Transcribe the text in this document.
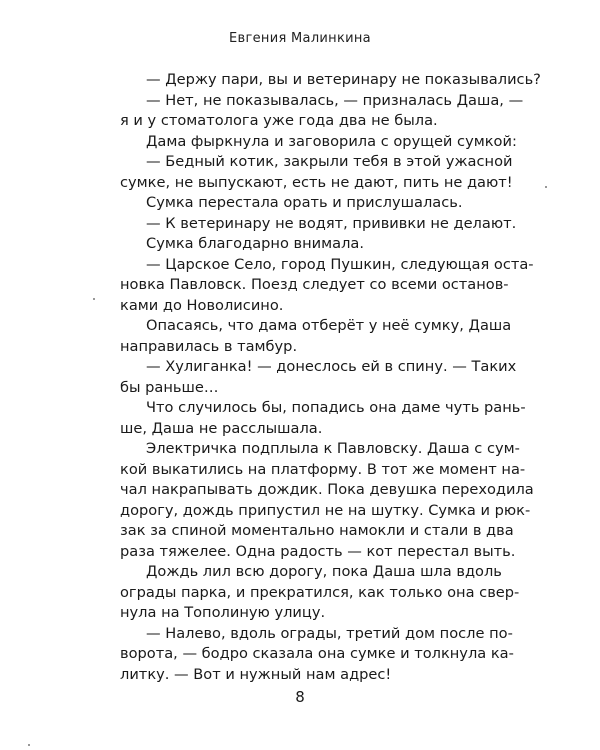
Евгения Малинкина
— Держу пари, вы и ветеринару не показывались?
— Нет, не показывалась, — призналась Даша, —
я и у стоматолога уже года два не была.
Дама фыркнула и заговорила с орущей сумкой:
— Бедный котик, закрыли тебя в этой ужасной
сумке, не выпускают, есть не дают, пить не дают!
Сумка перестала орать и прислушалась.
— К ветеринару не водят, прививки не делают.
Сумка благодарно внимала.
— Царское Село, город Пушкин, следующая оста-
новка Павловск. Поезд следует со всеми останов-
ками до Новолисино.
Опасаясь, что дама отберёт у неё сумку, Даша
направилась в тамбур.
— Хулиганка! — донеслось ей в спину. — Таких
бы раньше…
Что случилось бы, попадись она даме чуть рань-
ше, Даша не расслышала.
Электричка подплыла к Павловску. Даша с сум-
кой выкатились на платформу. В тот же момент на-
чал накрапывать дождик. Пока девушка переходила
дорогу, дождь припустил не на шутку. Сумка и рюк-
зак за спиной моментально намокли и стали в два
раза тяжелее. Одна радость — кот перестал выть.
Дождь лил всю дорогу, пока Даша шла вдоль
ограды парка, и прекратился, как только она свер-
нула на Тополиную улицу.
— Налево, вдоль ограды, третий дом после по-
ворота, — бодро сказала она сумке и толкнула ка-
литку. — Вот и нужный нам адрес!
8
